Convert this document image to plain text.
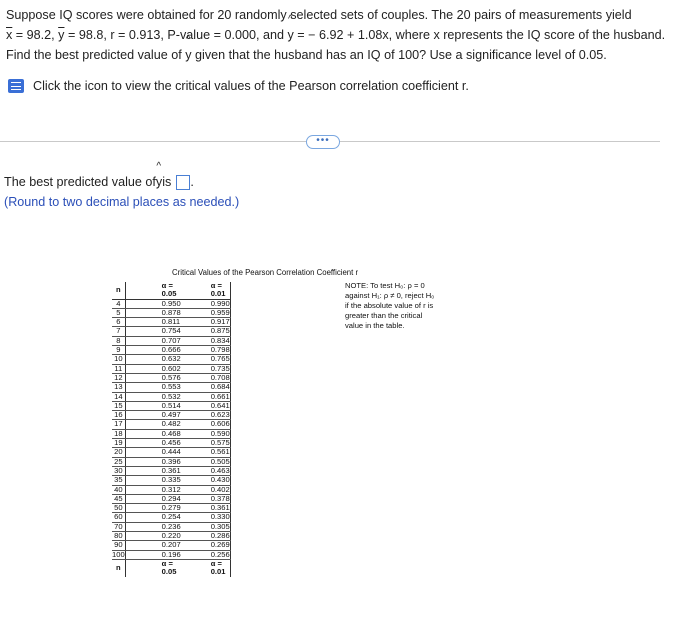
Suppose IQ scores were obtained for 20 randomly selected sets of couples. The 20 pairs of measurements yield
$\overline{x} = 98.2$, $\overline{y} = 98.8$, r = 0.913, P-value = 0.000, and ^ y = − 6.92 + 1.08x, where x represents the IQ score of the husband.
Find the best predicted value of ^ y given that the husband has an IQ of 100? Use a significance level of 0.05.
Click the icon to view the critical values of the Pearson correlation coefficient r.
•••
The best predicted value of ^ y is .
(Round to two decimal places as needed.)
Critical Values of the Pearson Correlation Coefficient r
n	α = 0.05	α = 0.01
4	0.950	0.990
5	0.878	0.959
6	0.811	0.917
7	0.754	0.875
8	0.707	0.834
9	0.666	0.798
10	0.632	0.765
11	0.602	0.735
12	0.576	0.708
13	0.553	0.684
14	0.532	0.661
15	0.514	0.641
16	0.497	0.623
17	0.482	0.606
18	0.468	0.590
19	0.456	0.575
20	0.444	0.561
25	0.396	0.505
30	0.361	0.463
35	0.335	0.430
40	0.312	0.402
45	0.294	0.378
50	0.279	0.361
60	0.254	0.330
70	0.236	0.305
80	0.220	0.286
90	0.207	0.269
100	0.196	0.256
n	α = 0.05	α = 0.01
NOTE: To test H₀: ρ = 0
against H₁: ρ ≠ 0, reject H₀
if the absolute value of r is
greater than the critical
value in the table.
